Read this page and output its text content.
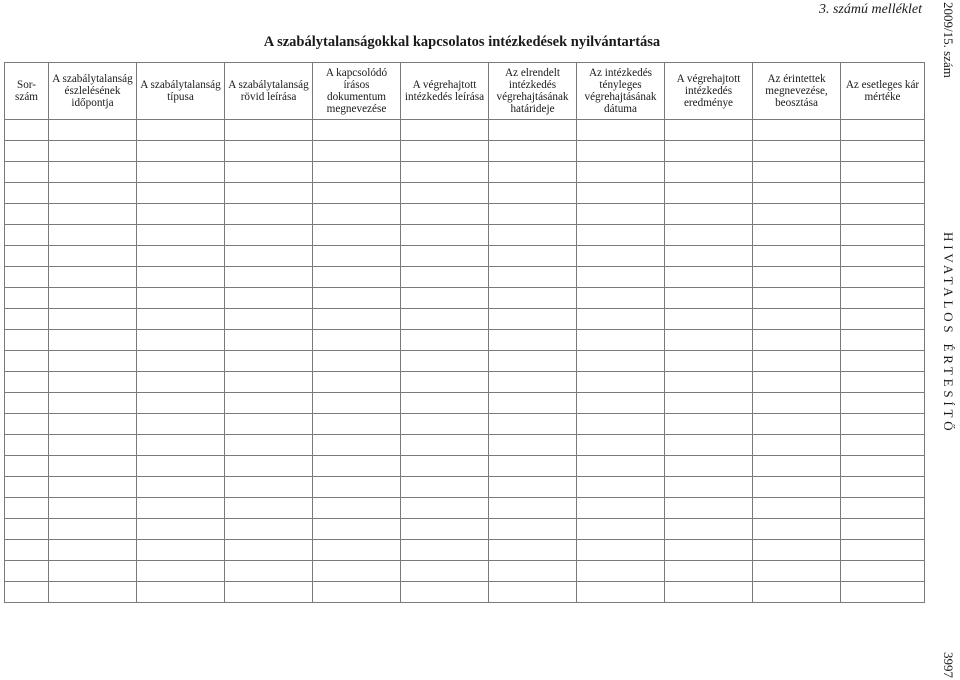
3. számú melléklet
A szabálytalanságokkal kapcsolatos intézkedések nyilvántartása
Sor-
szám	A szabálytalanság
észlelésének
időpontja	A szabálytalanság
típusa	A szabálytalanság
rövid leírása	A kapcsolódó
írásos
dokumentum
megnevezése	A végrehajtott
intézkedés leírása	Az elrendelt
intézkedés
végrehajtásának
határideje	Az intézkedés
tényleges
végrehajtásának
dátuma	A végrehajtott
intézkedés
eredménye	Az érintettek
megnevezése,
beosztása	Az esetleges kár
mértéke

2009/15. szám
HIVATALOS ÉRTESÍTŐ
3997
